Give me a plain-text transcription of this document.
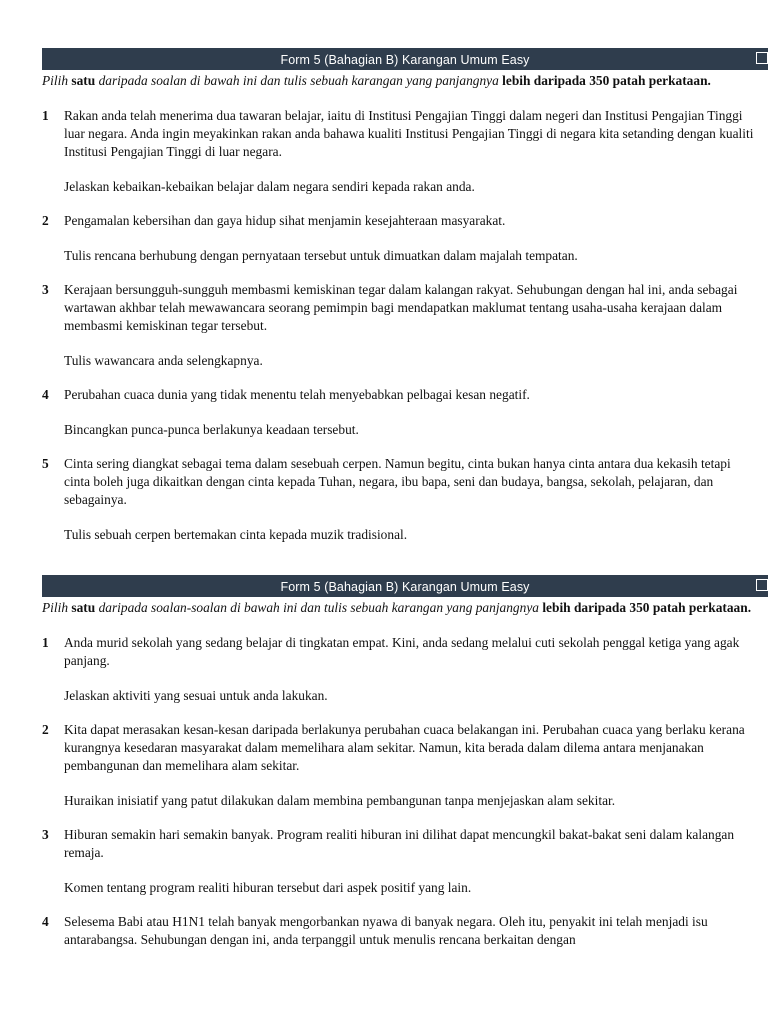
Form 5 (Bahagian B) Karangan Umum Easy
Pilih satu daripada soalan di bawah ini dan tulis sebuah karangan yang panjangnya lebih daripada 350 patah perkataan.
1	Rakan anda telah menerima dua tawaran belajar, iaitu di Institusi Pengajian Tinggi dalam negeri dan Institusi Pengajian Tinggi luar negara. Anda ingin meyakinkan rakan anda bahawa kualiti Institusi Pengajian Tinggi di negara kita setanding dengan kualiti Institusi Pengajian Tinggi di luar negara.
Jelaskan kebaikan-kebaikan belajar dalam negara sendiri kepada rakan anda.
2	Pengamalan kebersihan dan gaya hidup sihat menjamin kesejahteraan masyarakat.
Tulis rencana berhubung dengan pernyataan tersebut untuk dimuatkan dalam majalah tempatan.
3	Kerajaan bersungguh-sungguh membasmi kemiskinan tegar dalam kalangan rakyat. Sehubungan dengan hal ini, anda sebagai wartawan akhbar telah mewawancara seorang pemimpin bagi mendapatkan maklumat tentang usaha-usaha kerajaan dalam membasmi kemiskinan tegar tersebut.
Tulis wawancara anda selengkapnya.
4	Perubahan cuaca dunia yang tidak menentu telah menyebabkan pelbagai kesan negatif.
Bincangkan punca-punca berlakunya keadaan tersebut.
5	Cinta sering diangkat sebagai tema dalam sesebuah cerpen. Namun begitu, cinta bukan hanya cinta antara dua kekasih tetapi cinta boleh juga dikaitkan dengan cinta kepada Tuhan, negara, ibu bapa, seni dan budaya, bangsa, sekolah, pelajaran, dan sebagainya.
Tulis sebuah cerpen bertemakan cinta kepada muzik tradisional.
Form 5 (Bahagian B) Karangan Umum Easy
Pilih satu daripada soalan-soalan di bawah ini dan tulis sebuah karangan yang panjangnya lebih daripada 350 patah perkataan.
1	Anda murid sekolah yang sedang belajar di tingkatan empat. Kini, anda sedang melalui cuti sekolah penggal ketiga yang agak panjang.
Jelaskan aktiviti yang sesuai untuk anda lakukan.
2	Kita dapat merasakan kesan-kesan daripada berlakunya perubahan cuaca belakangan ini. Perubahan cuaca yang berlaku kerana kurangnya kesedaran masyarakat dalam memelihara alam sekitar. Namun, kita berada dalam dilema antara menjanakan pembangunan dan memelihara alam sekitar.
Huraikan inisiatif yang patut dilakukan dalam membina pembangunan tanpa menjejaskan alam sekitar.
3	Hiburan semakin hari semakin banyak. Program realiti hiburan ini dilihat dapat mencungkil bakat-bakat seni dalam kalangan remaja.
Komen tentang program realiti hiburan tersebut dari aspek positif yang lain.
4	Selesema Babi atau H1N1 telah banyak mengorbankan nyawa di banyak negara. Oleh itu, penyakit ini telah menjadi isu antarabangsa. Sehubungan dengan ini, anda terpanggil untuk menulis rencana berkaitan dengan
